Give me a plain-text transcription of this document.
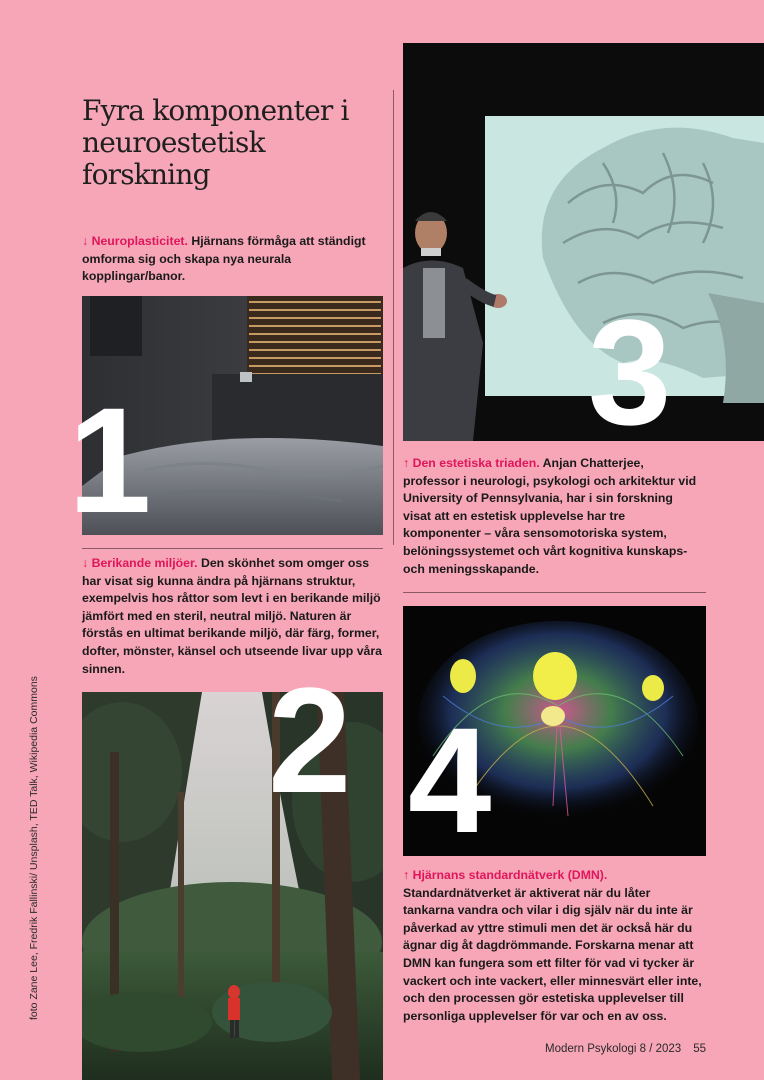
Fyra komponenter i neuroestetisk forskning

↓ Neuroplasticitet. Hjärnans förmåga att ständigt omforma sig och skapa nya neurala kopplingar/banor.

1

↓ Berikande miljöer. Den skönhet som omger oss har visat sig kunna ändra på hjärnans struktur, exempelvis hos råttor som levt i en berikande miljö jämfört med en steril, neutral miljö. Naturen är förstås en ultimat berikande miljö, där färg, former, dofter, mönster, känsel och utseende livar upp våra sinnen. 2
3

↑ Den estetiska triaden. Anjan Chatterjee, professor i neurologi, psykologi och arkitektur vid University of Pennsylvania, har i sin forskning visat att en estetisk upplevelse har tre komponenter – våra sensomotoriska system, belöningssystemet och vårt kognitiva kunskaps- och meningsskapande.

4

↑ Hjärnans standardnätverk (DMN). Standardnätverket är aktiverat när du låter tankarna vandra och vilar i dig själv när du inte är påverkad av yttre stimuli men det är också här du ägnar dig åt dagdrömmande. Forskarna menar att DMN kan fungera som ett filter för vad vi tycker är vackert och inte vackert, eller minnesvärt eller inte, och den processen gör estetiska upplevelser till personliga upplevelser för var och en av oss.

foto Zane Lee, Fredrik Fallinski/ Unsplash, TED Talk, Wikipedia Commons
Modern Psykologi 8 / 2023 55
